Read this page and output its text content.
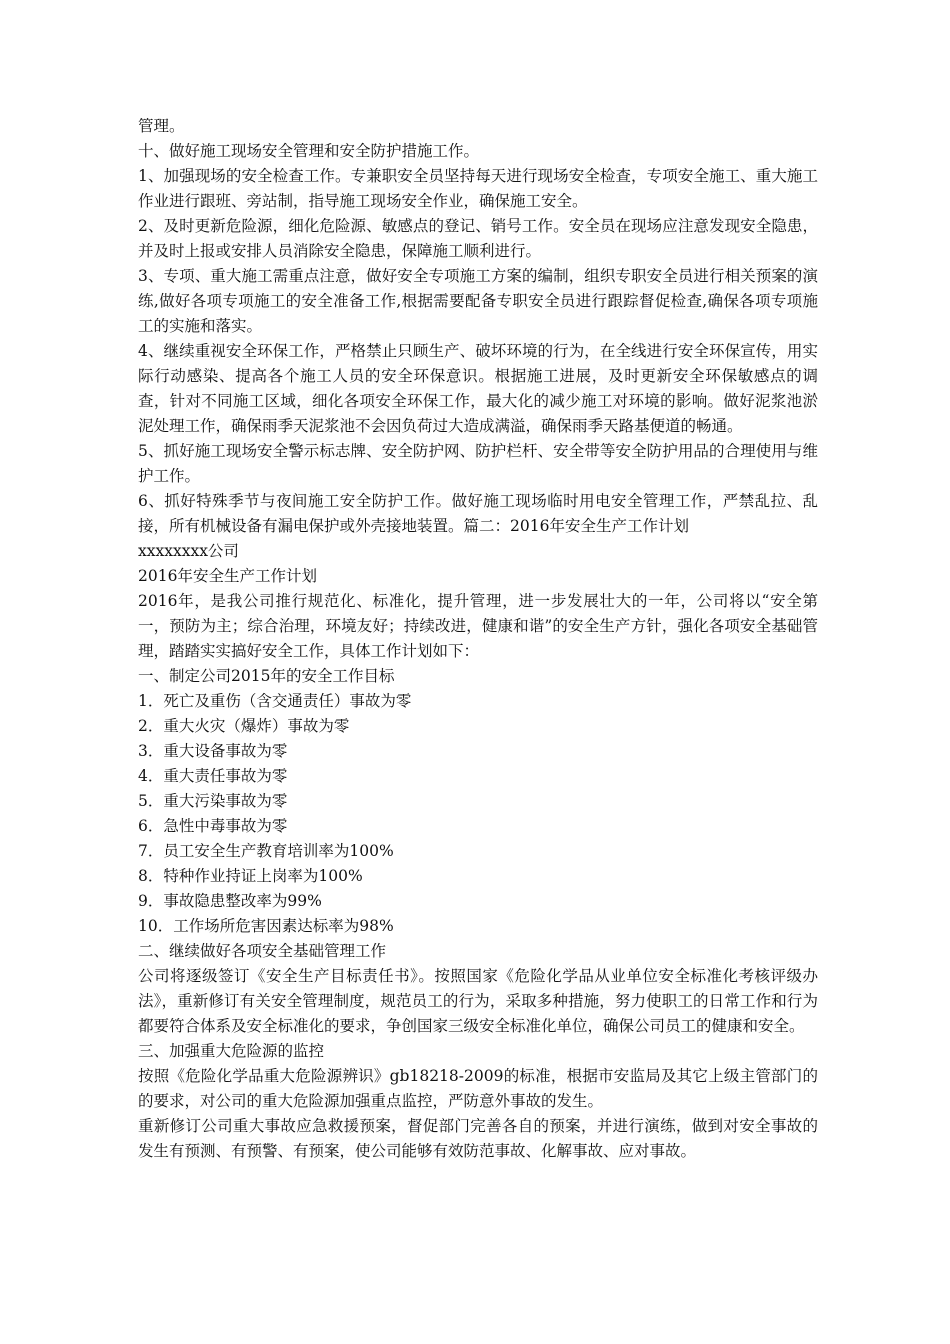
管理。

十、做好施工现场安全管理和安全防护措施工作。

1、加强现场的安全检查工作。专兼职安全员坚持每天进行现场安全检查，专项安全施工、重大施工作业进行跟班、旁站制，指导施工现场安全作业，确保施工安全。

2、及时更新危险源，细化危险源、敏感点的登记、销号工作。安全员在现场应注意发现安全隐患，并及时上报或安排人员消除安全隐患，保障施工顺利进行。

3、专项、重大施工需重点注意，做好安全专项施工方案的编制，组织专职安全员进行相关预案的演练,做好各项专项施工的安全准备工作,根据需要配备专职安全员进行跟踪督促检查,确保各项专项施工的实施和落实。

4、继续重视安全环保工作，严格禁止只顾生产、破坏环境的行为，在全线进行安全环保宣传，用实际行动感染、提高各个施工人员的安全环保意识。根据施工进展，及时更新安全环保敏感点的调查，针对不同施工区域，细化各项安全环保工作，最大化的减少施工对环境的影响。做好泥浆池淤泥处理工作，确保雨季天泥浆池不会因负荷过大造成满溢，确保雨季天路基便道的畅通。

5、抓好施工现场安全警示标志牌、安全防护网、防护栏杆、安全带等安全防护用品的合理使用与维护工作。

6、抓好特殊季节与夜间施工安全防护工作。做好施工现场临时用电安全管理工作，严禁乱拉、乱接，所有机械设备有漏电保护或外壳接地装置。篇二：2016年安全生产工作计划

xxxxxxxx公司

2016年安全生产工作计划

2016年，是我公司推行规范化、标准化，提升管理，进一步发展壮大的一年，公司将以“安全第一，预防为主；综合治理，环境友好；持续改进，健康和谐”的安全生产方针，强化各项安全基础管理，踏踏实实搞好安全工作，具体工作计划如下：

一、制定公司2015年的安全工作目标

1．死亡及重伤（含交通责任）事故为零

2．重大火灾（爆炸）事故为零

3．重大设备事故为零

4．重大责任事故为零

5．重大污染事故为零

6．急性中毒事故为零

7．员工安全生产教育培训率为100%

8．特种作业持证上岗率为100%

9．事故隐患整改率为99%

10．工作场所危害因素达标率为98%

二、继续做好各项安全基础管理工作

公司将逐级签订《安全生产目标责任书》。按照国家《危险化学品从业单位安全标准化考核评级办法》，重新修订有关安全管理制度，规范员工的行为，采取多种措施，努力使职工的日常工作和行为都要符合体系及安全标准化的要求，争创国家三级安全标准化单位，确保公司员工的健康和安全。

三、加强重大危险源的监控

按照《危险化学品重大危险源辨识》gb18218-2009的标准，根据市安监局及其它上级主管部门的的要求，对公司的重大危险源加强重点监控，严防意外事故的发生。

重新修订公司重大事故应急救援预案，督促部门完善各自的预案，并进行演练，做到对安全事故的发生有预测、有预警、有预案，使公司能够有效防范事故、化解事故、应对事故。
